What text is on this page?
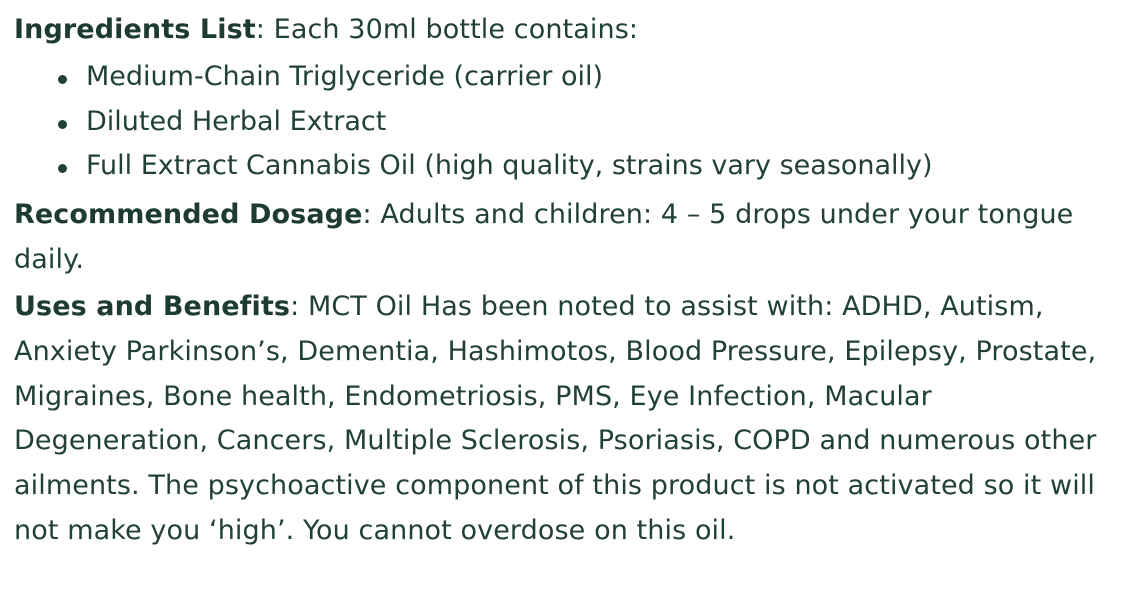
Ingredients List: Each 30ml bottle contains:

Medium-Chain Triglyceride (carrier oil)
Diluted Herbal Extract
Full Extract Cannabis Oil (high quality, strains vary seasonally)

Recommended Dosage: Adults and children: 4 – 5 drops under your tongue daily.

Uses and Benefits: MCT Oil Has been noted to assist with: ADHD, Autism, Anxiety Parkinson’s, Dementia, Hashimotos, Blood Pressure, Epilepsy, Prostate, Migraines, Bone health, Endometriosis, PMS, Eye Infection, Macular Degeneration, Cancers, Multiple Sclerosis, Psoriasis, COPD and numerous other ailments. The psychoactive component of this product is not activated so it will not make you ‘high’. You cannot overdose on this oil.
